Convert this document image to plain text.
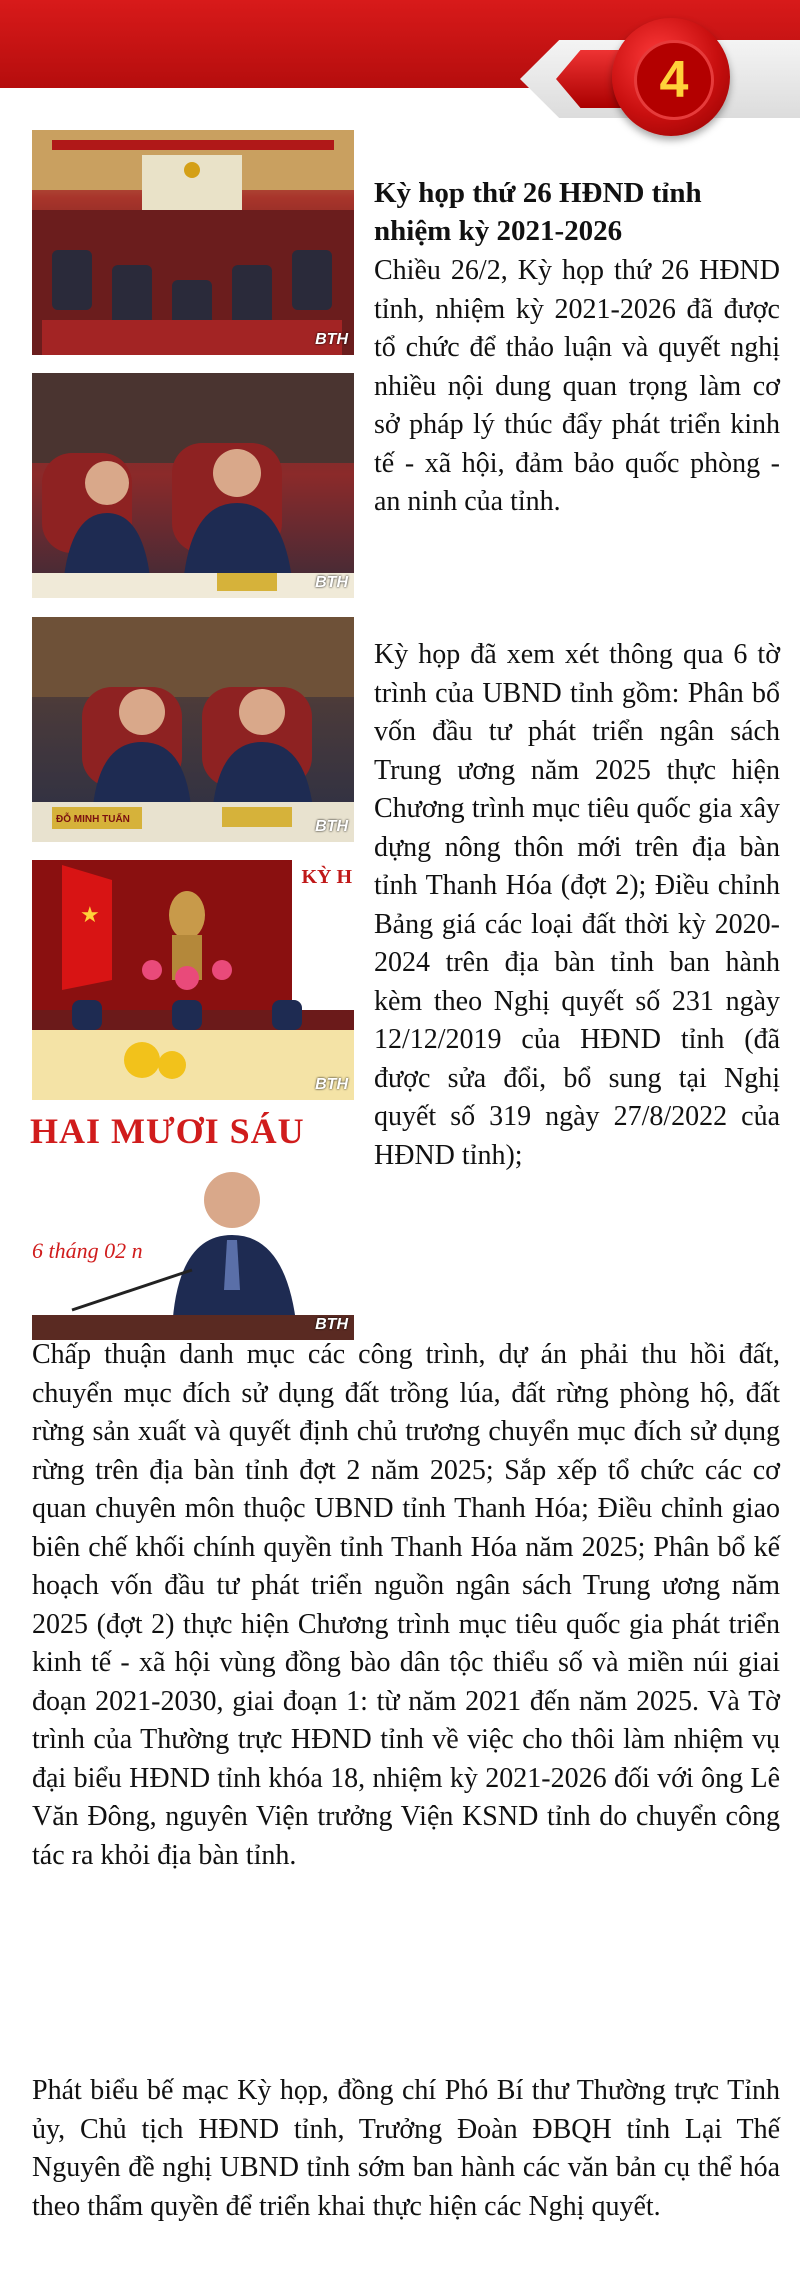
4
BTH
BTH
ĐỖ MINH TUẤN	BTH
★
KỲ H
BTH
HAI MƯƠI SÁU
6 tháng 02 n
BTH
Kỳ họp thứ 26 HĐND tỉnh nhiệm kỳ 2021-2026

Chiều 26/2, Kỳ họp thứ 26 HĐND tỉnh, nhiệm kỳ 2021-2026 đã được tổ chức để thảo luận và quyết nghị nhiều nội dung quan trọng làm cơ sở pháp lý thúc đẩy phát triển kinh tế - xã hội, đảm bảo quốc phòng - an ninh của tỉnh.

Kỳ họp đã xem xét thông qua 6 tờ trình của UBND tỉnh gồm: Phân bổ vốn đầu tư phát triển ngân sách Trung ương năm 2025 thực hiện Chương trình mục tiêu quốc gia xây dựng nông thôn mới trên địa bàn tỉnh Thanh Hóa (đợt 2); Điều chỉnh Bảng giá các loại đất thời kỳ 2020-2024 trên địa bàn tỉnh ban hành kèm theo Nghị quyết số 231 ngày 12/12/2019 của HĐND tỉnh (đã được sửa đổi, bổ sung tại Nghị quyết số 319 ngày 27/8/2022 của HĐND tỉnh);

Chấp thuận danh mục các công trình, dự án phải thu hồi đất, chuyển mục đích sử dụng đất trồng lúa, đất rừng phòng hộ, đất rừng sản xuất và quyết định chủ trương chuyển mục đích sử dụng rừng trên địa bàn tỉnh đợt 2 năm 2025; Sắp xếp tổ chức các cơ quan chuyên môn thuộc UBND tỉnh Thanh Hóa; Điều chỉnh giao biên chế khối chính quyền tỉnh Thanh Hóa năm 2025; Phân bổ kế hoạch vốn đầu tư phát triển nguồn ngân sách Trung ương năm 2025 (đợt 2) thực hiện Chương trình mục tiêu quốc gia phát triển kinh tế - xã hội vùng đồng bào dân tộc thiểu số và miền núi giai đoạn 2021-2030, giai đoạn 1: từ năm 2021 đến năm 2025. Và Tờ trình của Thường trực HĐND tỉnh về việc cho thôi làm nhiệm vụ đại biểu HĐND tỉnh khóa 18, nhiệm kỳ 2021-2026 đối với ông Lê Văn Đông, nguyên Viện trưởng Viện KSND tỉnh do chuyển công tác ra khỏi địa bàn tỉnh.

Phát biểu bế mạc Kỳ họp, đồng chí Phó Bí thư Thường trực Tỉnh ủy, Chủ tịch HĐND tỉnh, Trưởng Đoàn ĐBQH tỉnh Lại Thế Nguyên đề nghị UBND tỉnh sớm ban hành các văn bản cụ thể hóa theo thẩm quyền để triển khai thực hiện các Nghị quyết.
